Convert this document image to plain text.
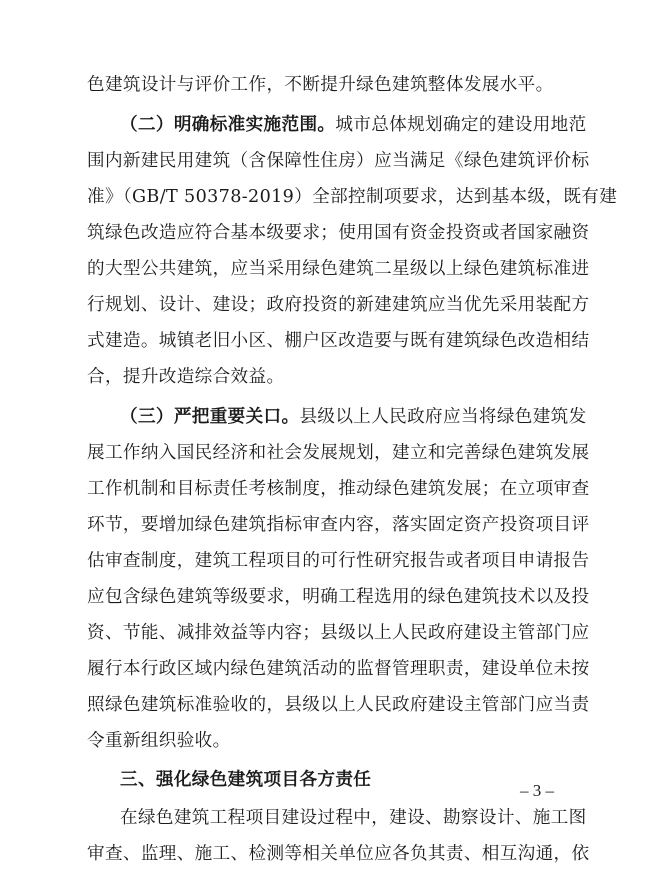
色建筑设计与评价工作，不断提升绿色建筑整体发展水平。
（二）明确标准实施范围。城市总体规划确定的建设用地范
围内新建民用建筑（含保障性住房）应当满足《绿色建筑评价标
准》（GB/T 50378-2019）全部控制项要求，达到基本级，既有建
筑绿色改造应符合基本级要求；使用国有资金投资或者国家融资
的大型公共建筑，应当采用绿色建筑二星级以上绿色建筑标准进
行规划、设计、建设；政府投资的新建建筑应当优先采用装配方
式建造。城镇老旧小区、棚户区改造要与既有建筑绿色改造相结
合，提升改造综合效益。
（三）严把重要关口。县级以上人民政府应当将绿色建筑发
展工作纳入国民经济和社会发展规划，建立和完善绿色建筑发展
工作机制和目标责任考核制度，推动绿色建筑发展；在立项审查
环节，要增加绿色建筑指标审查内容，落实固定资产投资项目评
估审查制度，建筑工程项目的可行性研究报告或者项目申请报告
应包含绿色建筑等级要求，明确工程选用的绿色建筑技术以及投
资、节能、减排效益等内容；县级以上人民政府建设主管部门应
履行本行政区域内绿色建筑活动的监督管理职责，建设单位未按
照绿色建筑标准验收的，县级以上人民政府建设主管部门应当责
令重新组织验收。
三、强化绿色建筑项目各方责任
在绿色建筑工程项目建设过程中，建设、勘察设计、施工图
审查、监理、施工、检测等相关单位应各负其责、相互沟通，依
– 3 –
